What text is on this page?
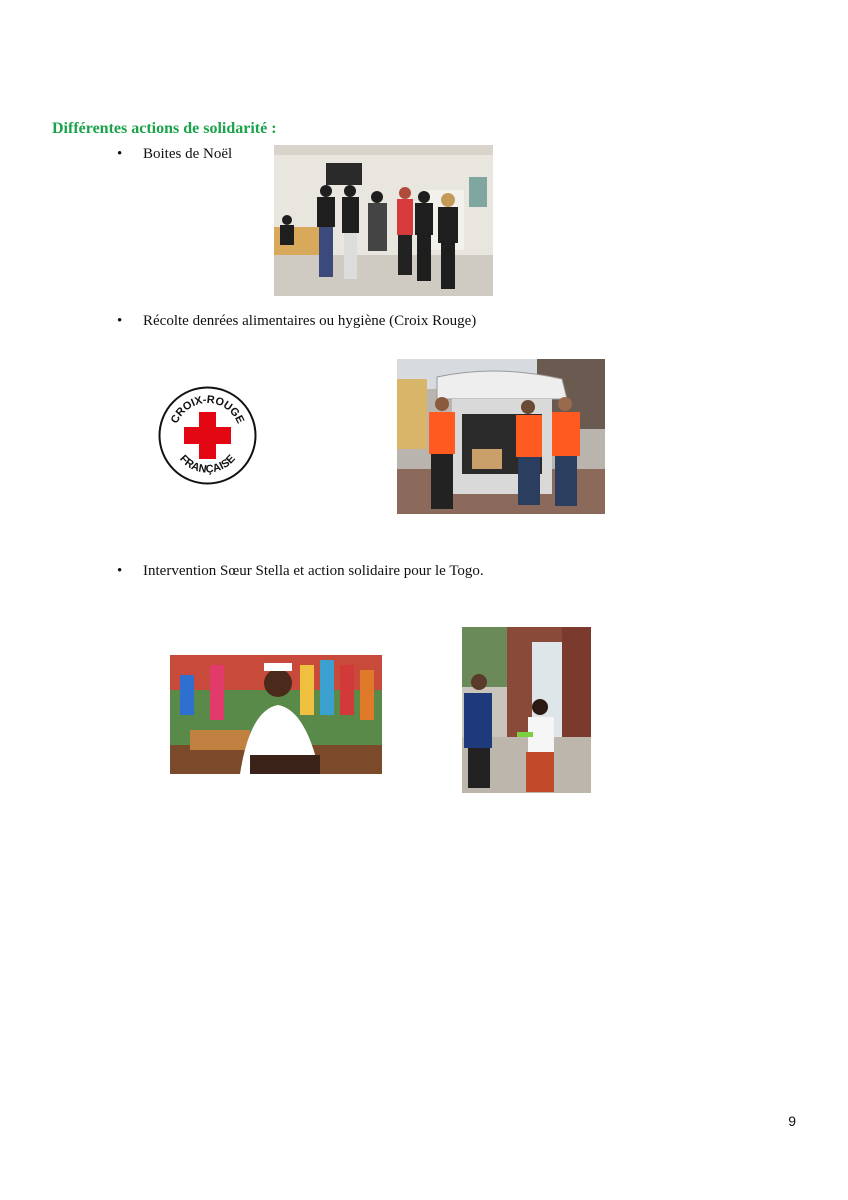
Différentes actions de solidarité :
• Boites de Noël
• Récolte denrées alimentaires ou hygiène (Croix Rouge)
CROIX-ROUGE
FRANÇAISE
• Intervention Sœur Stella et action solidaire pour le Togo.
9
